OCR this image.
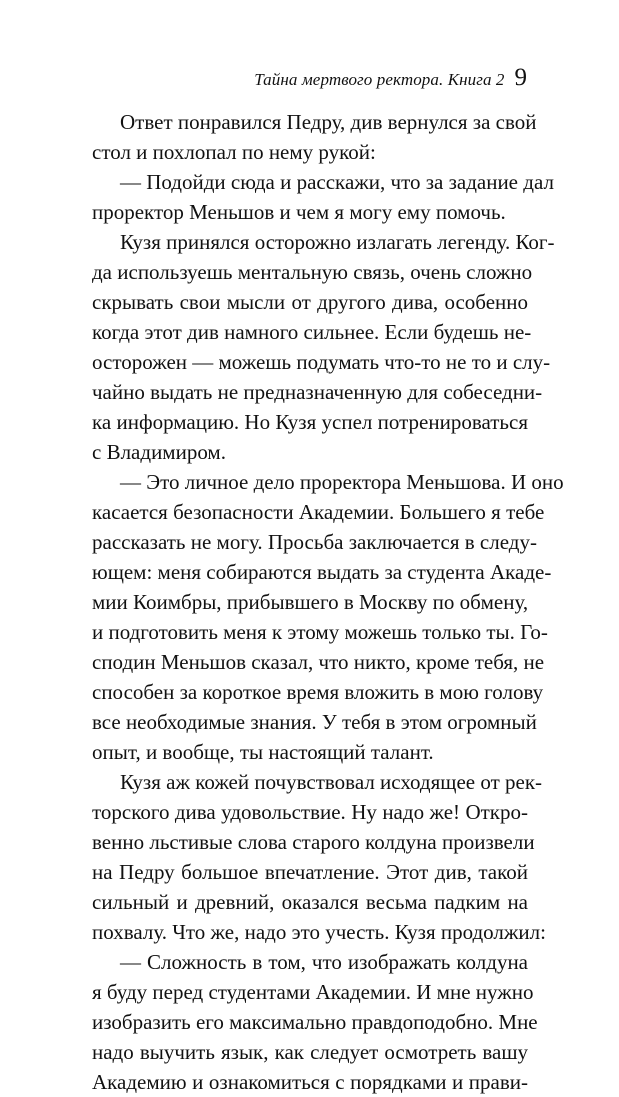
Тайна мертвого ректора. Книга 2 9
Ответ понравился Педру, див вернулся за свой
стол и похлопал по нему рукой:
— Подойди сюда и расскажи, что за задание дал
проректор Меньшов и чем я могу ему помочь.
Кузя принялся осторожно излагать легенду. Ког-
да используешь ментальную связь, очень сложно
скрывать свои мысли от другого дива, особенно
когда этот див намного сильнее. Если будешь не-
осторожен — можешь подумать что-то не то и слу-
чайно выдать не предназначенную для собеседни-
ка информацию. Но Кузя успел потренироваться
с Владимиром.
— Это личное дело проректора Меньшова. И оно
касается безопасности Академии. Большего я тебе
рассказать не могу. Просьба заключается в следу-
ющем: меня собираются выдать за студента Акаде-
мии Коимбры, прибывшего в Москву по обмену,
и подготовить меня к этому можешь только ты. Го-
сподин Меньшов сказал, что никто, кроме тебя, не
способен за короткое время вложить в мою голову
все необходимые знания. У тебя в этом огромный
опыт, и вообще, ты настоящий талант.
Кузя аж кожей почувствовал исходящее от рек-
торского дива удовольствие. Ну надо же! Откро-
венно льстивые слова старого колдуна произвели
на Педру большое впечатление. Этот див, такой
сильный и древний, оказался весьма падким на
похвалу. Что же, надо это учесть. Кузя продолжил:
— Сложность в том, что изображать колдуна
я буду перед студентами Академии. И мне нужно
изобразить его максимально правдоподобно. Мне
надо выучить язык, как следует осмотреть вашу
Академию и ознакомиться с порядками и прави-
